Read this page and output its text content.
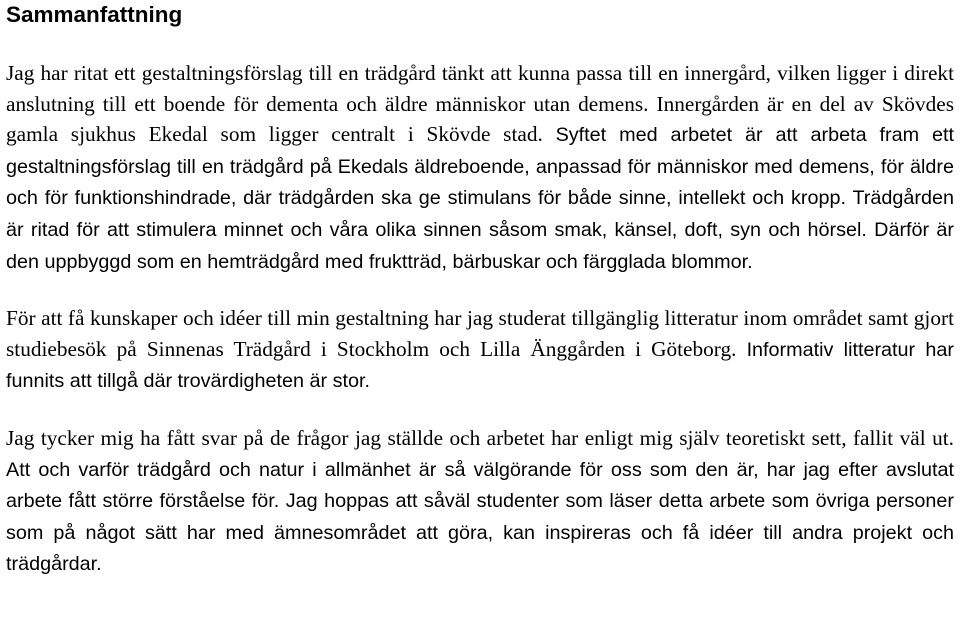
Sammanfattning

Jag har ritat ett gestaltningsförslag till en trädgård tänkt att kunna passa till en innergård, vilken ligger i direkt anslutning till ett boende för dementa och äldre människor utan demens. Innergården är en del av Skövdes gamla sjukhus Ekedal som ligger centralt i Skövde stad. Syftet med arbetet är att arbeta fram ett gestaltningsförslag till en trädgård på Ekedals äldreboende, anpassad för människor med demens, för äldre och för funktionshindrade, där trädgården ska ge stimulans för både sinne, intellekt och kropp. Trädgården är ritad för att stimulera minnet och våra olika sinnen såsom smak, känsel, doft, syn och hörsel. Därför är den uppbyggd som en hemträdgård med fruktträd, bärbuskar och färgglada blommor.

För att få kunskaper och idéer till min gestaltning har jag studerat tillgänglig litteratur inom området samt gjort studiebesök på Sinnenas Trädgård i Stockholm och Lilla Änggården i Göteborg. Informativ litteratur har funnits att tillgå där trovärdigheten är stor.

Jag tycker mig ha fått svar på de frågor jag ställde och arbetet har enligt mig själv teoretiskt sett, fallit väl ut. Att och varför trädgård och natur i allmänhet är så välgörande för oss som den är, har jag efter avslutat arbete fått större förståelse för. Jag hoppas att såväl studenter som läser detta arbete som övriga personer som på något sätt har med ämnesområdet att göra, kan inspireras och få idéer till andra projekt och trädgårdar.
